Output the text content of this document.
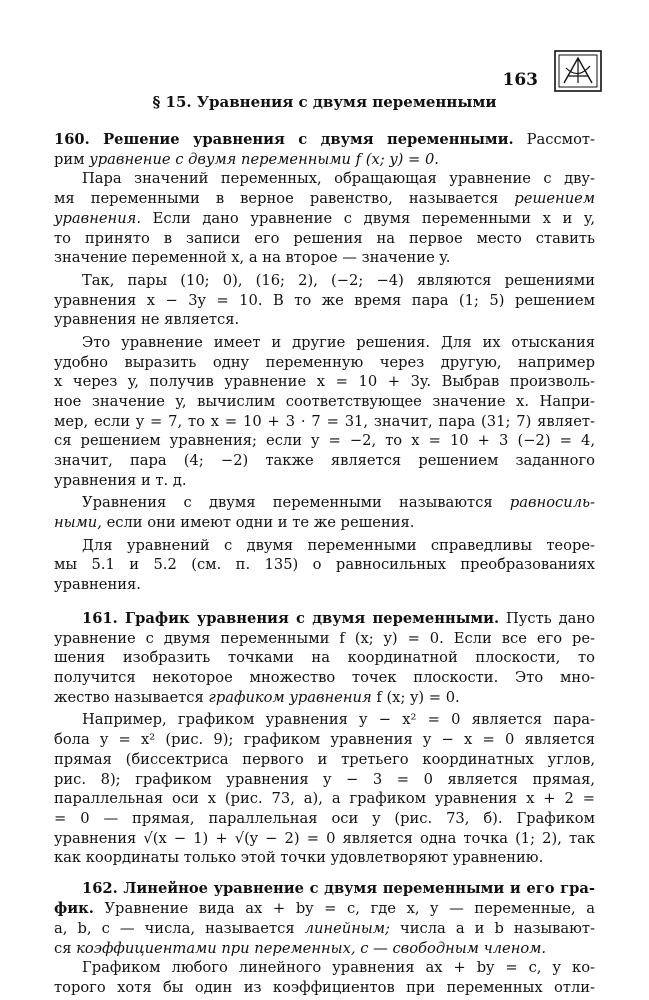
163
§ 15. Уравнения с двумя переменными
160. Решение уравнения с двумя переменными. Рассмот-
рим уравнение с двумя переменными f (x; y) = 0.
Пара значений переменных, обращающая уравнение с дву-
мя переменными в верное равенство, называется решением
уравнения. Если дано уравнение с двумя переменными x и y,
то принято в записи его решения на первое место ставить
значение переменной x, а на второе — значение y.
Так, пары (10; 0), (16; 2), (−2; −4) являются решениями
уравнения x − 3y = 10. В то же время пара (1; 5) решением
уравнения не является.
Это уравнение имеет и другие решения. Для их отыскания
удобно выразить одну переменную через другую, например
x через y, получив уравнение x = 10 + 3y. Выбрав произволь-
ное значение y, вычислим соответствующее значение x. Напри-
мер, если y = 7, то x = 10 + 3 · 7 = 31, значит, пара (31; 7) являет-
ся решением уравнения; если y = −2, то x = 10 + 3 (−2) = 4,
значит, пара (4; −2) также является решением заданного
уравнения и т. д.
Уравнения с двумя переменными называются равносиль-
ными, если они имеют одни и те же решения.
Для уравнений с двумя переменными справедливы теоре-
мы 5.1 и 5.2 (см. п. 135) о равносильных преобразованиях
уравнения.
161. График уравнения с двумя переменными. Пусть дано
уравнение с двумя переменными f (x; y) = 0. Если все его ре-
шения изобразить точками на координатной плоскости, то
получится некоторое множество точек плоскости. Это мно-
жество называется графиком уравнения f (x; y) = 0.
Например, графиком уравнения y − x² = 0 является пара-
бола y = x² (рис. 9); графиком уравнения y − x = 0 является
прямая (биссектриса первого и третьего координатных углов,
рис. 8); графиком уравнения y − 3 = 0 является прямая,
параллельная оси x (рис. 73, а), а графиком уравнения x + 2 =
= 0 — прямая, параллельная оси y (рис. 73, б). Графиком
уравнения √(x − 1) + √(y − 2) = 0 является одна точка (1; 2), так
как координаты только этой точки удовлетворяют уравнению.
162. Линейное уравнение с двумя переменными и его гра-
фик. Уравнение вида ax + by = c, где x, y — переменные, a
a, b, c — числа, называется линейным; числа a и b называют-
ся коэффициентами при переменных, c — свободным членом.
Графиком любого линейного уравнения ax + by = c, у ко-
торого хотя бы один из коэффициентов при переменных отли-
